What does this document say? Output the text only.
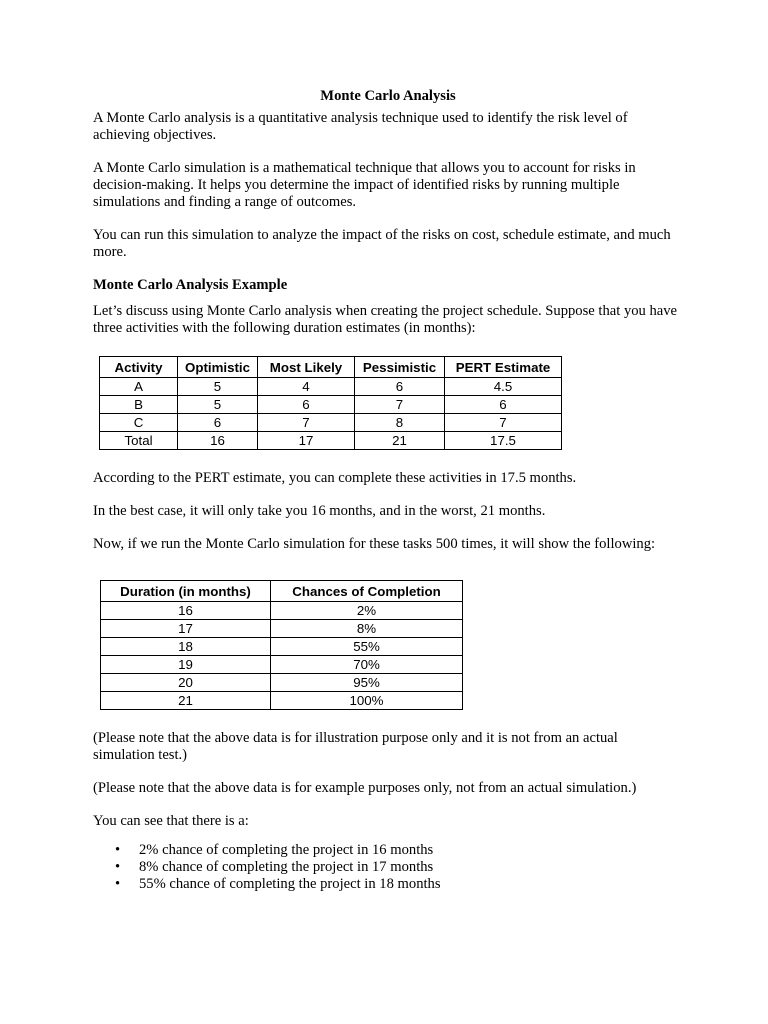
Monte Carlo Analysis

A Monte Carlo analysis is a quantitative analysis technique used to identify the risk level of achieving objectives.

A Monte Carlo simulation is a mathematical technique that allows you to account for risks in decision-making. It helps you determine the impact of identified risks by running multiple simulations and finding a range of outcomes.

You can run this simulation to analyze the impact of the risks on cost, schedule estimate, and much more.

Monte Carlo Analysis Example

Let’s discuss using Monte Carlo analysis when creating the project schedule. Suppose that you have three activities with the following duration estimates (in months):

Activity	Optimistic	Most Likely	Pessimistic	PERT Estimate
A	5	4	6	4.5
B	5	6	7	6
C	6	7	8	7
Total	16	17	21	17.5

According to the PERT estimate, you can complete these activities in 17.5 months.

In the best case, it will only take you 16 months, and in the worst, 21 months.

Now, if we run the Monte Carlo simulation for these tasks 500 times, it will show the following:

Duration (in months)	Chances of Completion
16	2%
17	8%
18	55%
19	70%
20	95%
21	100%

(Please note that the above data is for illustration purpose only and it is not from an actual simulation test.)

(Please note that the above data is for example purposes only, not from an actual simulation.)

You can see that there is a:

• 2% chance of completing the project in 16 months
• 8% chance of completing the project in 17 months
• 55% chance of completing the project in 18 months
